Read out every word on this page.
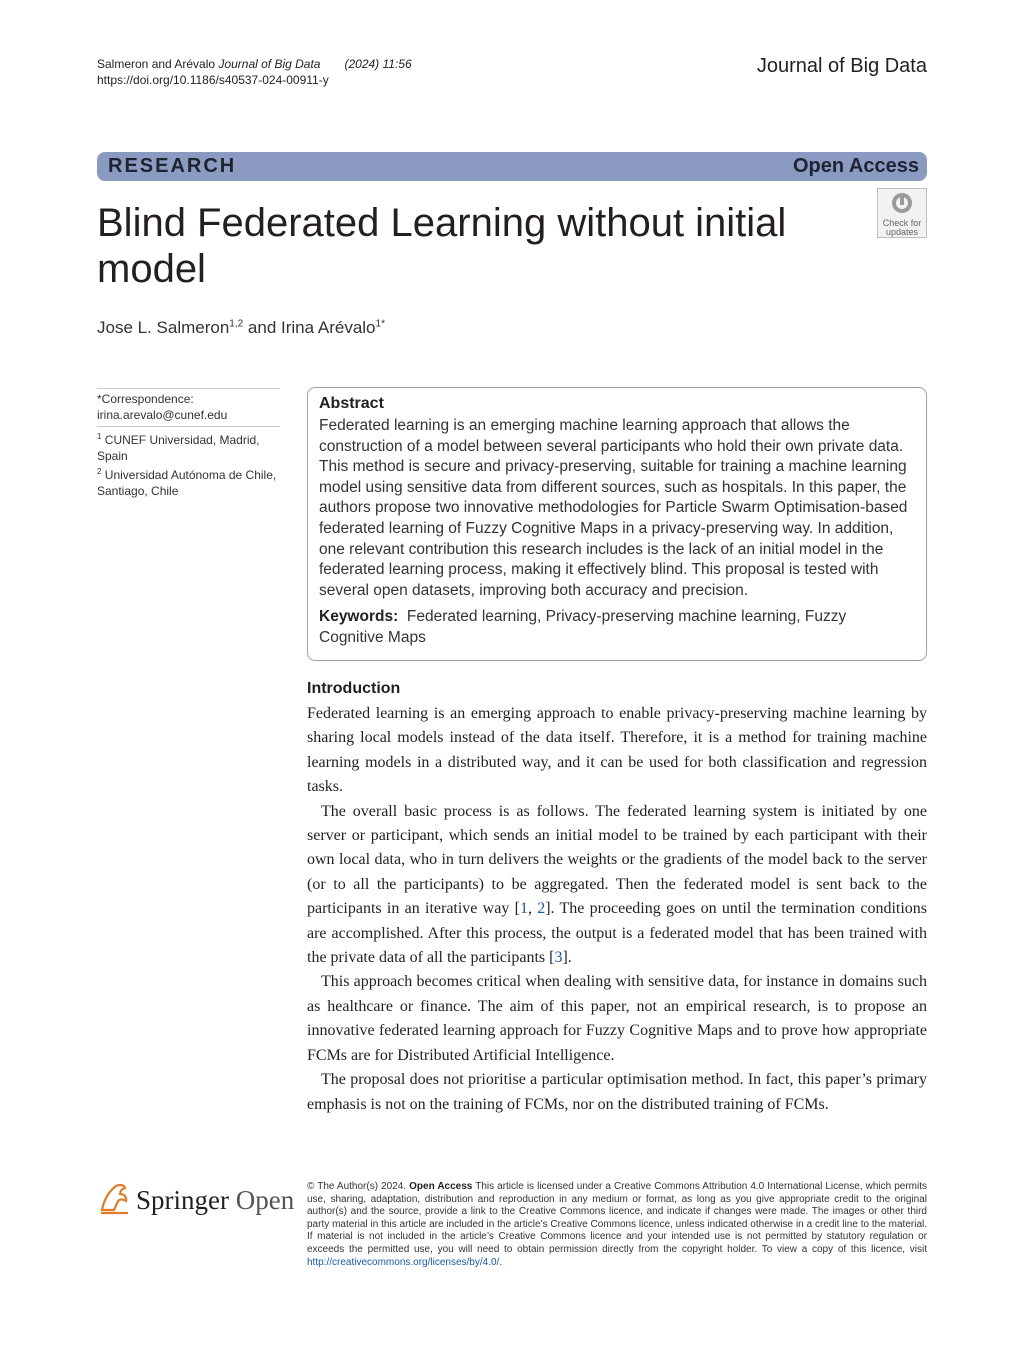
Salmeron and Arévalo Journal of Big Data (2024) 11:56
https://doi.org/10.1186/s40537-024-00911-y
Journal of Big Data
RESEARCH	Open Access
Blind Federated Learning without initial model
Check for
updates
Jose L. Salmeron$^{1,2}$ and Irina Arévalo$^{1*}$
*Correspondence:
irina.arevalo@cunef.edu
$^1$ CUNEF Universidad, Madrid, Spain
$^2$ Universidad Autónoma de Chile, Santiago, Chile
Abstract
Federated learning is an emerging machine learning approach that allows the construction of a model between several participants who hold their own private data. This method is secure and privacy-preserving, suitable for training a machine learning model using sensitive data from different sources, such as hospitals. In this paper, the authors propose two innovative methodologies for Particle Swarm Optimisation-based federated learning of Fuzzy Cognitive Maps in a privacy-preserving way. In addition, one relevant contribution this research includes is the lack of an initial model in the federated learning process, making it effectively blind. This proposal is tested with several open datasets, improving both accuracy and precision.
Keywords: Federated learning, Privacy-preserving machine learning, Fuzzy Cognitive Maps
Introduction

Federated learning is an emerging approach to enable privacy-preserving machine learning by sharing local models instead of the data itself. Therefore, it is a method for training machine learning models in a distributed way, and it can be used for both classification and regression tasks.

The overall basic process is as follows. The federated learning system is initiated by one server or participant, which sends an initial model to be trained by each participant with their own local data, who in turn delivers the weights or the gradients of the model back to the server (or to all the participants) to be aggregated. Then the federated model is sent back to the participants in an iterative way [1, 2]. The proceeding goes on until the termination conditions are accomplished. After this process, the output is a federated model that has been trained with the private data of all the participants [3].

This approach becomes critical when dealing with sensitive data, for instance in domains such as healthcare or finance. The aim of this paper, not an empirical research, is to propose an innovative federated learning approach for Fuzzy Cognitive Maps and to prove how appropriate FCMs are for Distributed Artificial Intelligence.

The proposal does not prioritise a particular optimisation method. In fact, this paper’s primary emphasis is not on the training of FCMs, nor on the distributed training of FCMs.

Springer Open © The Author(s) 2024. Open Access This article is licensed under a Creative Commons Attribution 4.0 International License, which permits use, sharing, adaptation, distribution and reproduction in any medium or format, as long as you give appropriate credit to the original author(s) and the source, provide a link to the Creative Commons licence, and indicate if changes were made. The images or other third party material in this article are included in the article’s Creative Commons licence, unless indicated otherwise in a credit line to the material. If material is not included in the article’s Creative Commons licence and your intended use is not permitted by statutory regulation or exceeds the permitted use, you will need to obtain permission directly from the copyright holder. To view a copy of this licence, visit http://creativecommons.org/licenses/by/4.0/.
